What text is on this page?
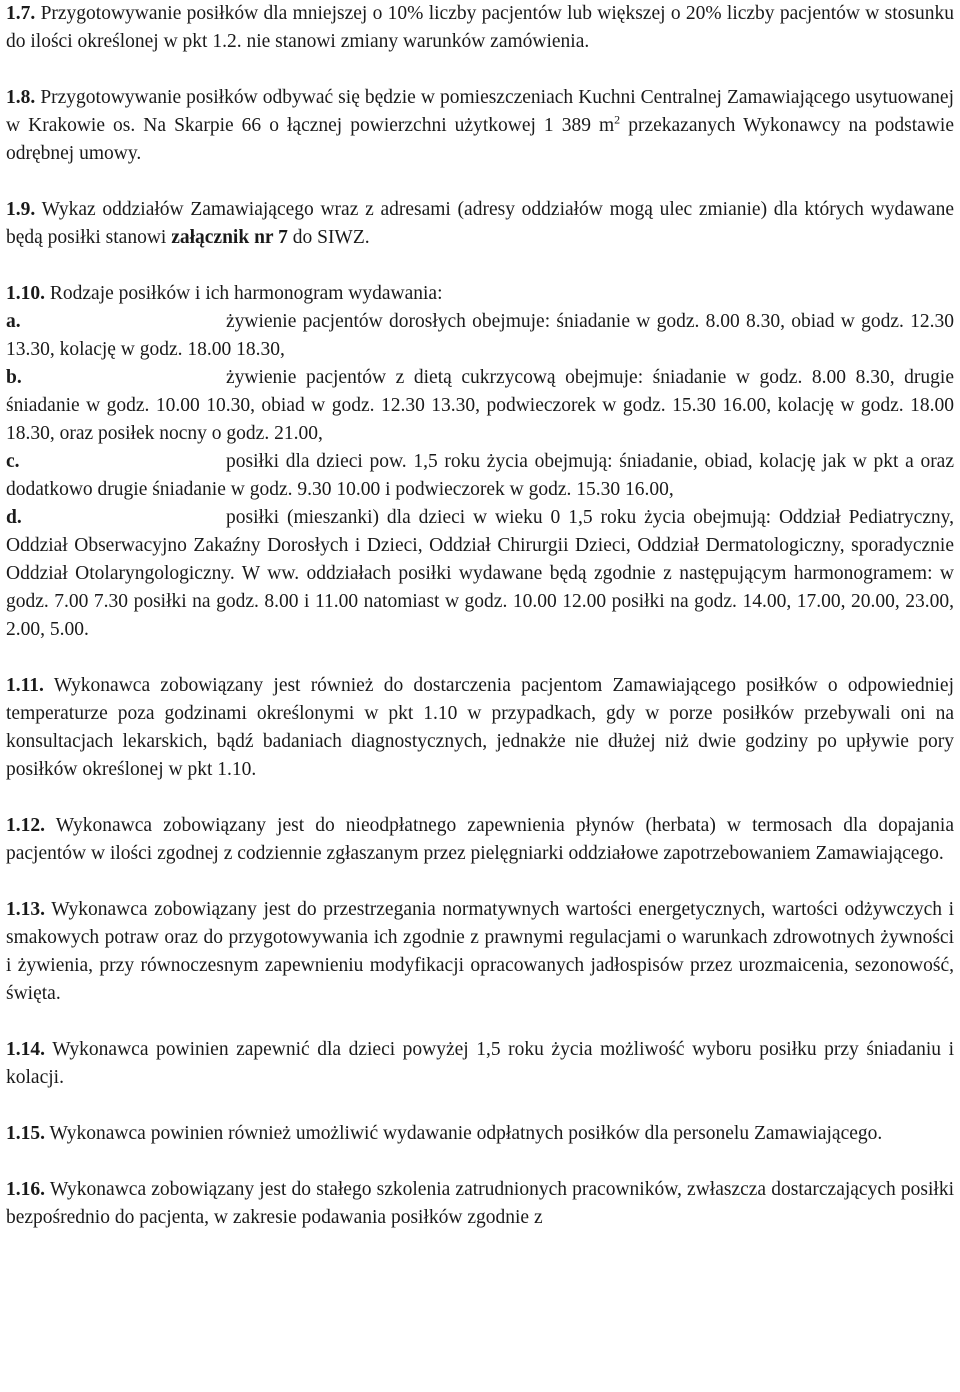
1.7. Przygotowywanie posiłków dla mniejszej o 10% liczby pacjentów lub większej o 20% liczby pacjentów w stosunku do ilości określonej w pkt 1.2. nie stanowi zmiany warunków zamówienia.

1.8. Przygotowywanie posiłków odbywać się będzie w pomieszczeniach Kuchni Centralnej Zamawiającego usytuowanej w Krakowie os. Na Skarpie 66 o łącznej powierzchni użytkowej 1 389 $m^2$ przekazanych Wykonawcy na podstawie odrębnej umowy.

1.9. Wykaz oddziałów Zamawiającego wraz z adresami (adresy oddziałów mogą ulec zmianie) dla których wydawane będą posiłki stanowi załącznik nr 7 do SIWZ.

1.10. Rodzaje posiłków i ich harmonogram wydawania:

a.	żywienie pacjentów dorosłych obejmuje: śniadanie w godz. 8.00 8.30, obiad w godz. 12.30 13.30, kolację w godz. 18.00 18.30,

b.	żywienie pacjentów z dietą cukrzycową obejmuje: śniadanie w godz. 8.00 8.30, drugie śniadanie w godz. 10.00 10.30, obiad w godz. 12.30 13.30, podwieczorek w godz. 15.30 16.00, kolację w godz. 18.00 18.30, oraz posiłek nocny o godz. 21.00,

c.	posiłki dla dzieci pow. 1,5 roku życia obejmują: śniadanie, obiad, kolację jak w pkt a oraz dodatkowo drugie śniadanie w godz. 9.30 10.00 i podwieczorek w godz. 15.30 16.00,

d.	posiłki (mieszanki) dla dzieci w wieku 0 1,5 roku życia obejmują: Oddział Pediatryczny, Oddział Obserwacyjno Zakaźny Dorosłych i Dzieci, Oddział Chirurgii Dzieci, Oddział Dermatologiczny, sporadycznie Oddział Otolaryngologiczny. W ww. oddziałach posiłki wydawane będą zgodnie z następującym harmonogramem: w godz. 7.00 7.30 posiłki na godz. 8.00 i 11.00 natomiast w godz. 10.00 12.00 posiłki na godz. 14.00, 17.00, 20.00, 23.00, 2.00, 5.00.

1.11. Wykonawca zobowiązany jest również do dostarczenia pacjentom Zamawiającego posiłków o odpowiedniej temperaturze poza godzinami określonymi w pkt 1.10 w przypadkach, gdy w porze posiłków przebywali oni na konsultacjach lekarskich, bądź badaniach diagnostycznych, jednakże nie dłużej niż dwie godziny po upływie pory posiłków określonej w pkt 1.10.

1.12. Wykonawca zobowiązany jest do nieodpłatnego zapewnienia płynów (herbata) w termosach dla dopajania pacjentów w ilości zgodnej z codziennie zgłaszanym przez pielęgniarki oddziałowe zapotrzebowaniem Zamawiającego.

1.13. Wykonawca zobowiązany jest do przestrzegania normatywnych wartości energetycznych, wartości odżywczych i smakowych potraw oraz do przygotowywania ich zgodnie z prawnymi regulacjami o warunkach zdrowotnych żywności i żywienia, przy równoczesnym zapewnieniu modyfikacji opracowanych jadłospisów przez urozmaicenia, sezonowość, święta.

1.14. Wykonawca powinien zapewnić dla dzieci powyżej 1,5 roku życia możliwość wyboru posiłku przy śniadaniu i kolacji.

1.15. Wykonawca powinien również umożliwić wydawanie odpłatnych posiłków dla personelu Zamawiającego.

1.16. Wykonawca zobowiązany jest do stałego szkolenia zatrudnionych pracowników, zwłaszcza dostarczających posiłki bezpośrednio do pacjenta, w zakresie podawania posiłków zgodnie z
